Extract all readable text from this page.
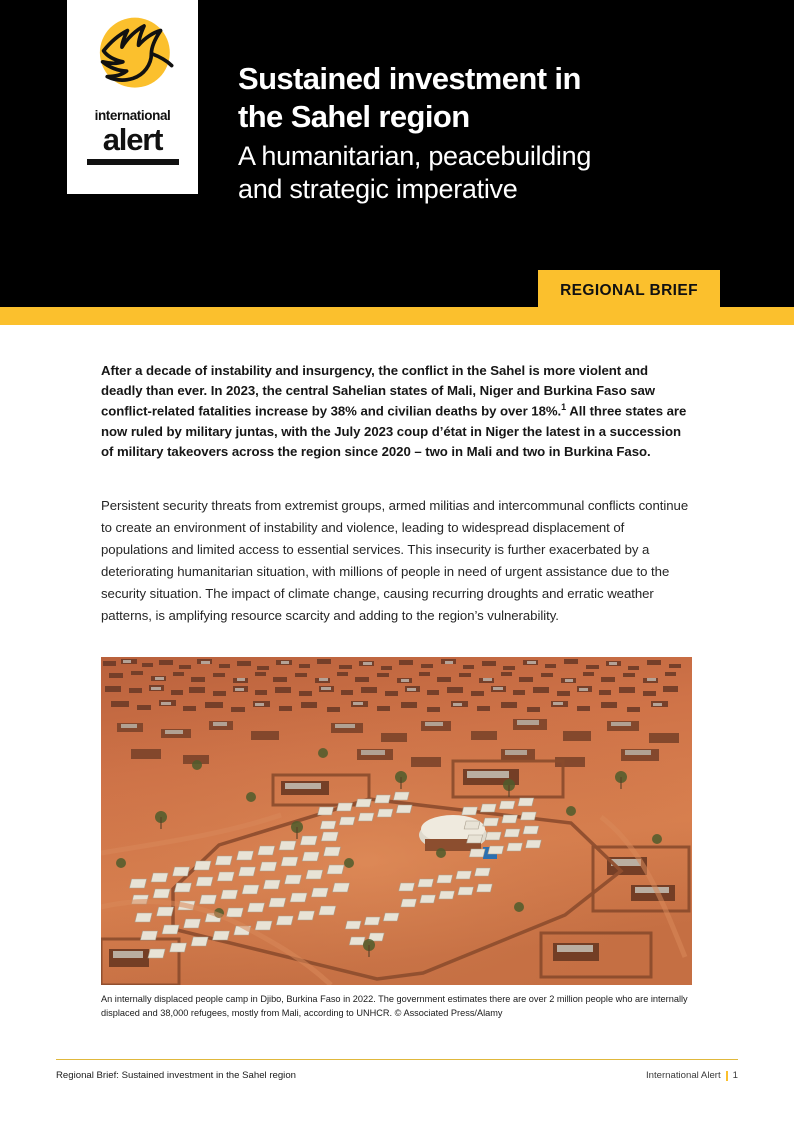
international
alert
Sustained investment in
the Sahel region
A humanitarian, peacebuilding
and strategic imperative
REGIONAL BRIEF
After a decade of instability and insurgency, the conflict in the Sahel is more violent and deadly than ever. In 2023, the central Sahelian states of Mali, Niger and Burkina Faso saw conflict-related fatalities increase by 38% and civilian deaths by over 18%.$^1$ All three states are now ruled by military juntas, with the July 2023 coup d’état in Niger the latest in a succession of military takeovers across the region since 2020 – two in Mali and two in Burkina Faso.
Persistent security threats from extremist groups, armed militias and intercommunal conflicts continue to create an environment of instability and violence, leading to widespread displacement of populations and limited access to essential services. This insecurity is further exacerbated by a deteriorating humanitarian situation, with millions of people in need of urgent assistance due to the security situation. The impact of climate change, causing recurring droughts and erratic weather patterns, is amplifying resource scarcity and adding to the region’s vulnerability.
An internally displaced people camp in Djibo, Burkina Faso in 2022. The government estimates there are over 2 million people who are internally displaced and 38,000 refugees, mostly from Mali, according to UNHCR. © Associated Press/Alamy
Regional Brief: Sustained investment in the Sahel region	International Alert 1
